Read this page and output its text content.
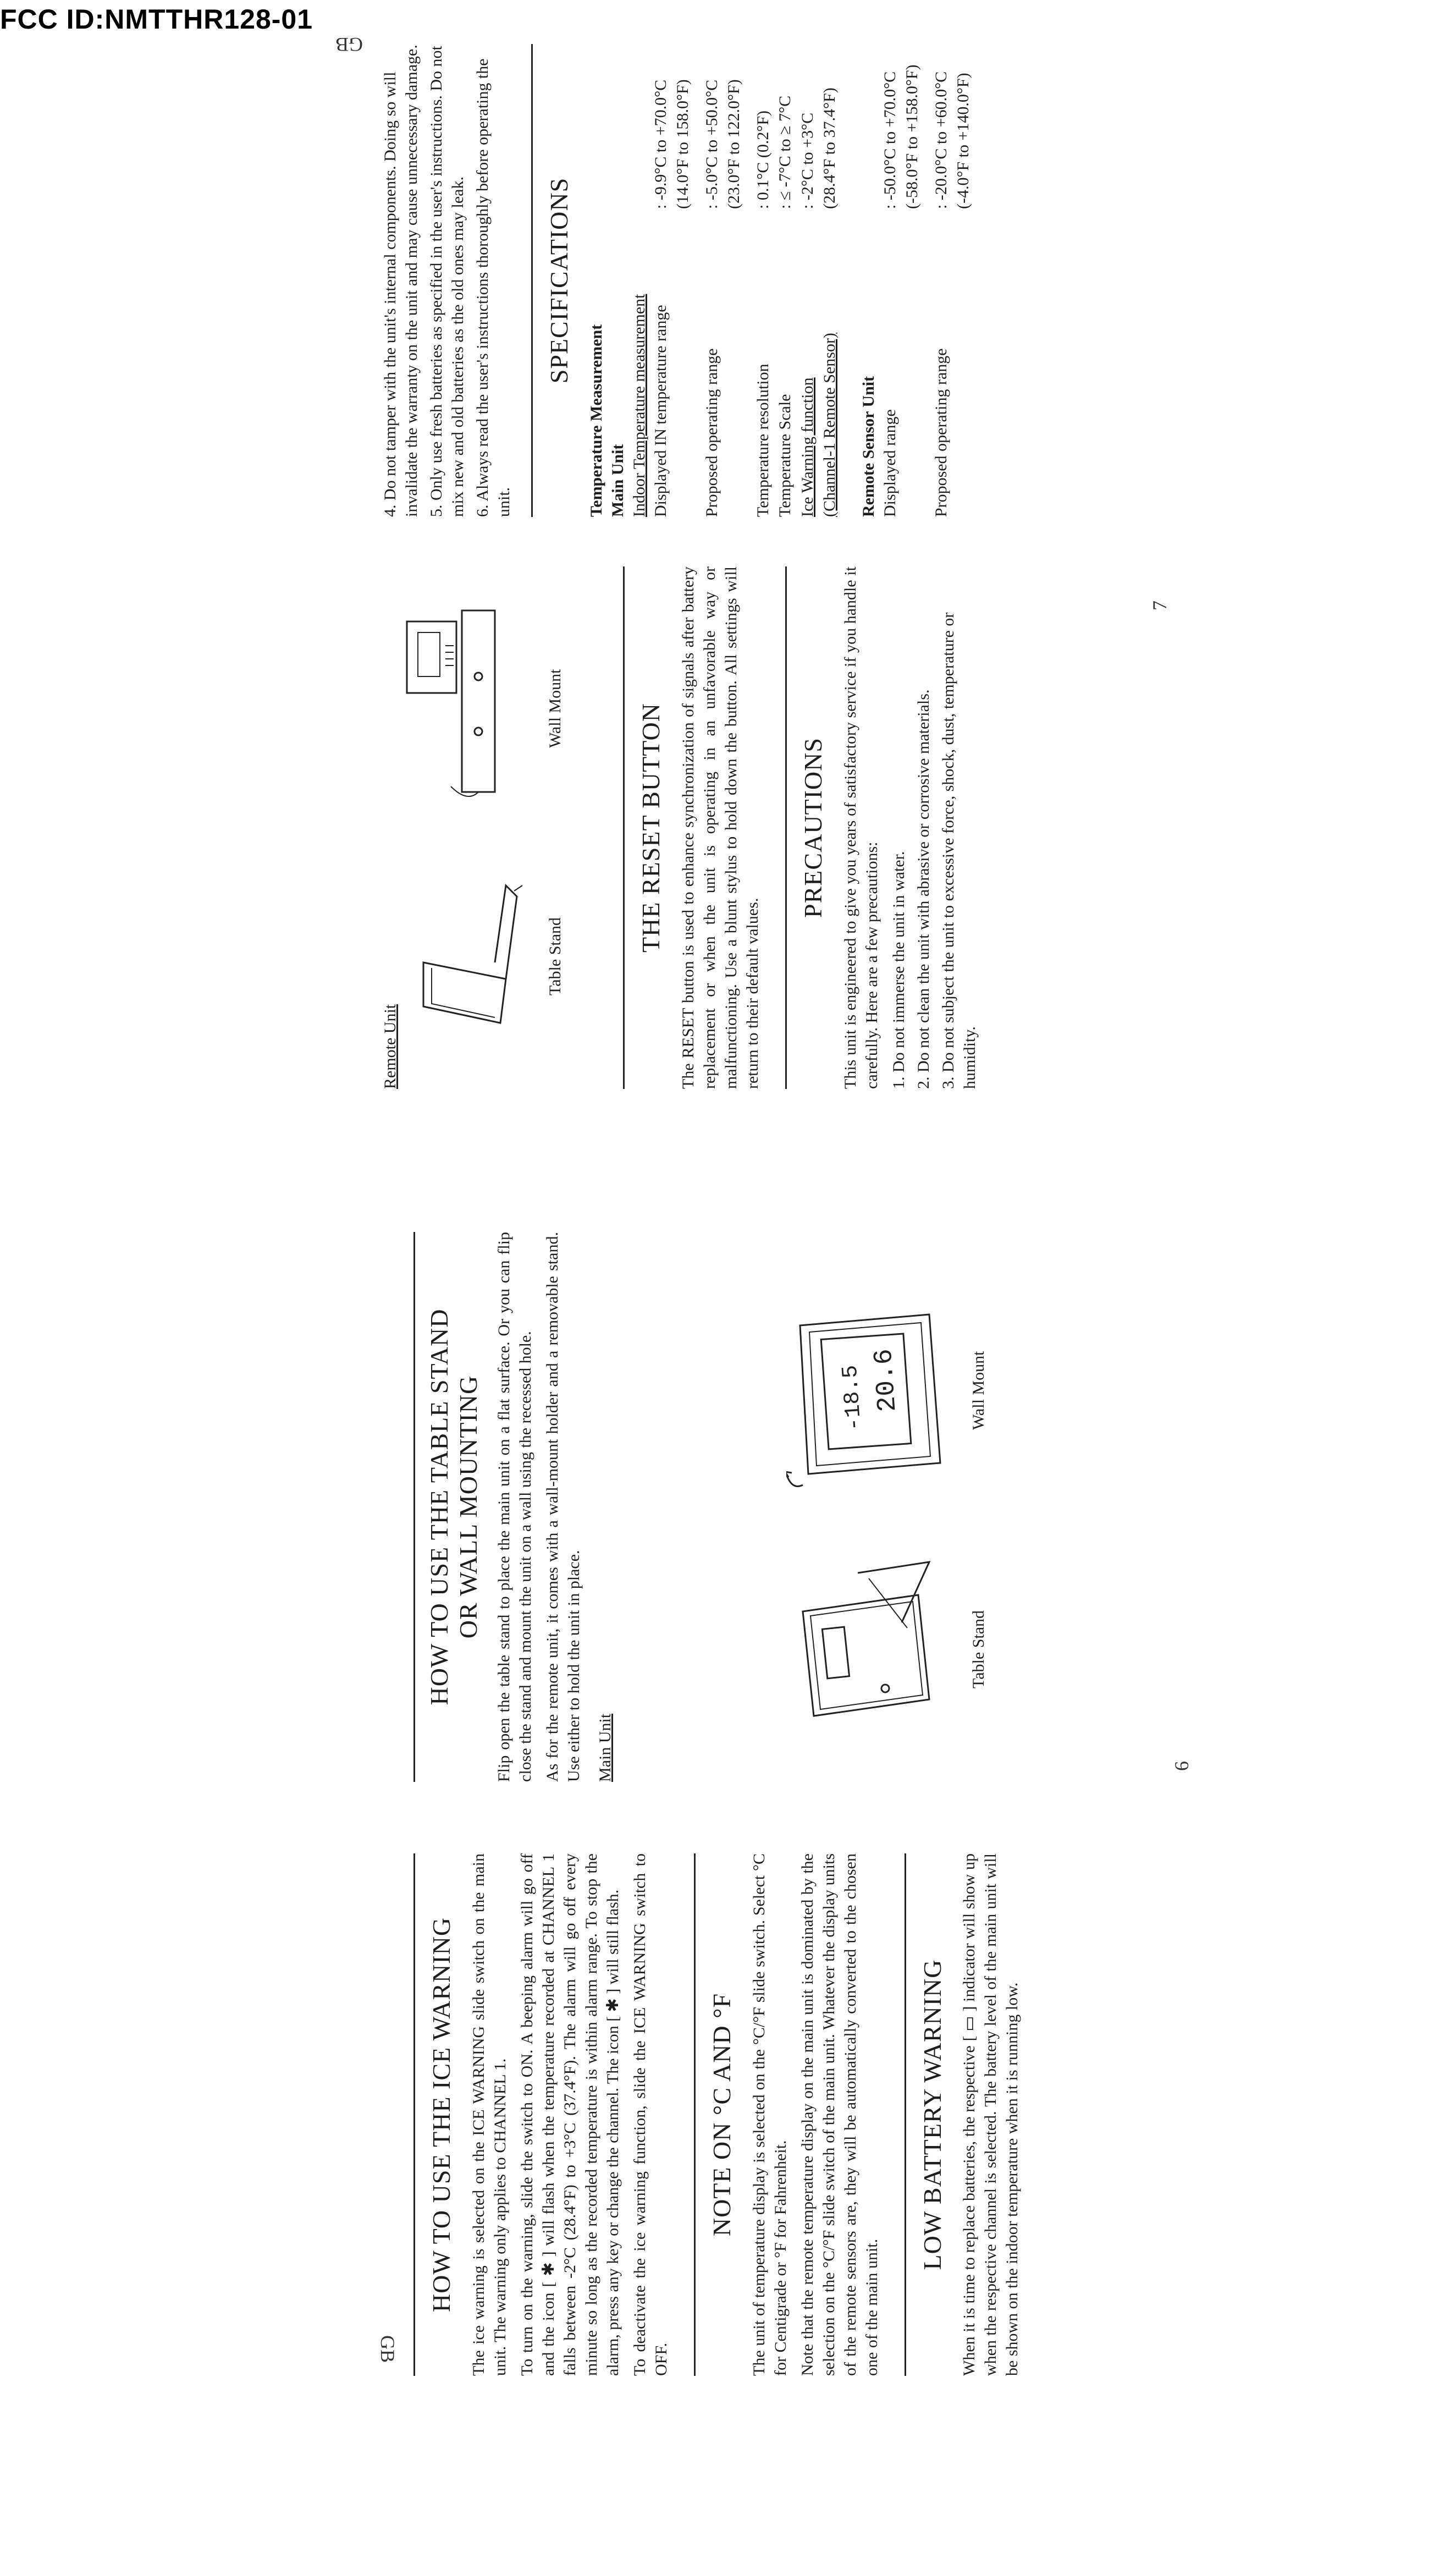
FCC ID:NMTTHR128-01
GB
GB
6
7
HOW TO USE THE ICE WARNING The ice warning is selected on the ICE WARNING slide switch on the main unit. The warning only applies to CHANNEL 1. To turn on the warning, slide the switch to ON. A beeping alarm will go off and the icon [ ✱ ] will flash when the temperature recorded at CHANNEL 1 falls between -2°C (28.4°F) to +3°C (37.4°F). The alarm will go off every minute so long as the recorded temperature is within alarm range. To stop the alarm, press any key or change the channel. The icon [ ✱ ] will still flash. To deactivate the ice warning function, slide the ICE WARNING switch to OFF.

NOTE ON °C AND °F The unit of temperature display is selected on the °C/°F slide switch. Select °C for Centigrade or °F for Fahrenheit. Note that the remote temperature display on the main unit is dominated by the selection on the °C/°F slide switch of the main unit. Whatever the display units of the remote sensors are, they will be automatically converted to the chosen one of the main unit.

LOW BATTERY WARNING When it is time to replace batteries, the respective [ ▭ ] indicator will show up when the respective channel is selected. The battery level of the main unit will be shown on the indoor temperature when it is running low.

HOW TO USE THE TABLE STAND OR WALL MOUNTING Flip open the table stand to place the main unit on a flat surface. Or you can flip close the stand and mount the unit on a wall using the recessed hole. As for the remote unit, it comes with a wall-mount holder and a removable stand. Use either to hold the unit in place. Main Unit
Table Stand
-18.5 20.6	Wall Mount
Remote Unit
Table Stand
Wall Mount	THE RESET BUTTON The RESET button is used to enhance synchronization of signals after battery replacement or when the unit is operating in an unfavorable way or malfunctioning. Use a blunt stylus to hold down the button. All settings will return to their default values.

PRECAUTIONS This unit is engineered to give you years of satisfactory service if you handle it carefully. Here are a few precautions: 1. Do not immerse the unit in water. 2. Do not clean the unit with abrasive or corrosive materials. 3. Do not subject the unit to excessive force, shock, dust, temperature or humidity.

4. Do not tamper with the unit's internal components. Doing so will invalidate the warranty on the unit and may cause unnecessary damage. 5. Only use fresh batteries as specified in the user's instructions. Do not mix new and old batteries as the old ones may leak. 6. Always read the user's instructions thoroughly before operating the unit.

SPECIFICATIONS
Temperature Measurement Main Unit Indoor Temperature measurement Displayed IN temperature range
: -9.9°C to +70.0°C (14.0°F to 158.0°F)
Proposed operating range
: -5.0°C to +50.0°C (23.0°F to 122.0°F)
Temperature resolution
: 0.1°C (0.2°F)
Temperature Scale
: ≤ -7°C to ≥ 7°C
Ice Warning function
: -2°C to +3°C
(Channel-1 Remote Sensor)
(28.4°F to 37.4°F)
Remote Sensor Unit Displayed range
: -50.0°C to +70.0°C (-58.0°F to +158.0°F)
Proposed operating range
: -20.0°C to +60.0°C (-4.0°F to +140.0°F)
